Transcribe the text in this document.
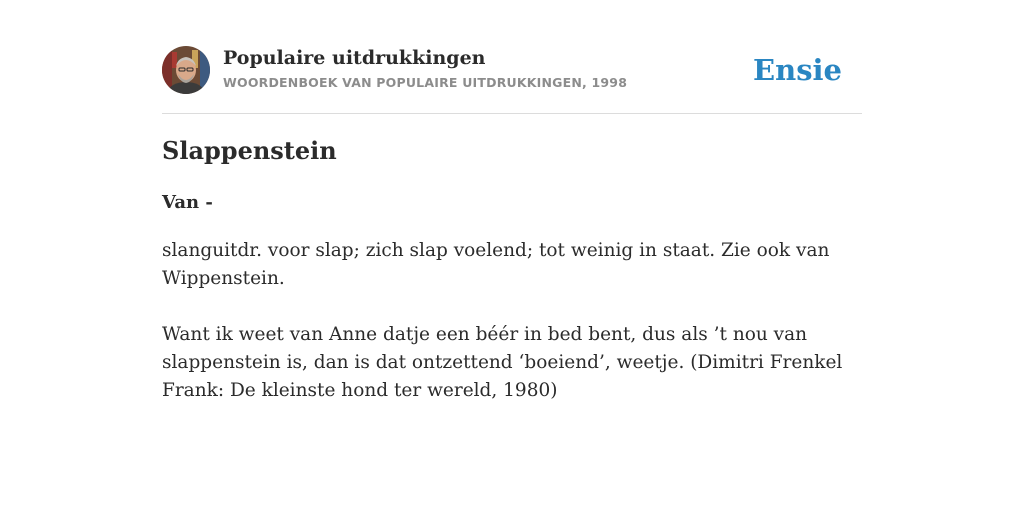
Populaire uitdrukkingen
WOORDENBOEK VAN POPULAIRE UITDRUKKINGEN, 1998	Ensie
Slappenstein
Van -

slanguitdr. voor slap; zich slap voelend; tot weinig in staat. Zie ook van Wippenstein.

Want ik weet van Anne datje een béér in bed bent, dus als ’t nou van slappenstein is, dan is dat ontzettend ‘boeiend’, weetje. (Dimitri Frenkel Frank: De kleinste hond ter wereld, 1980)
